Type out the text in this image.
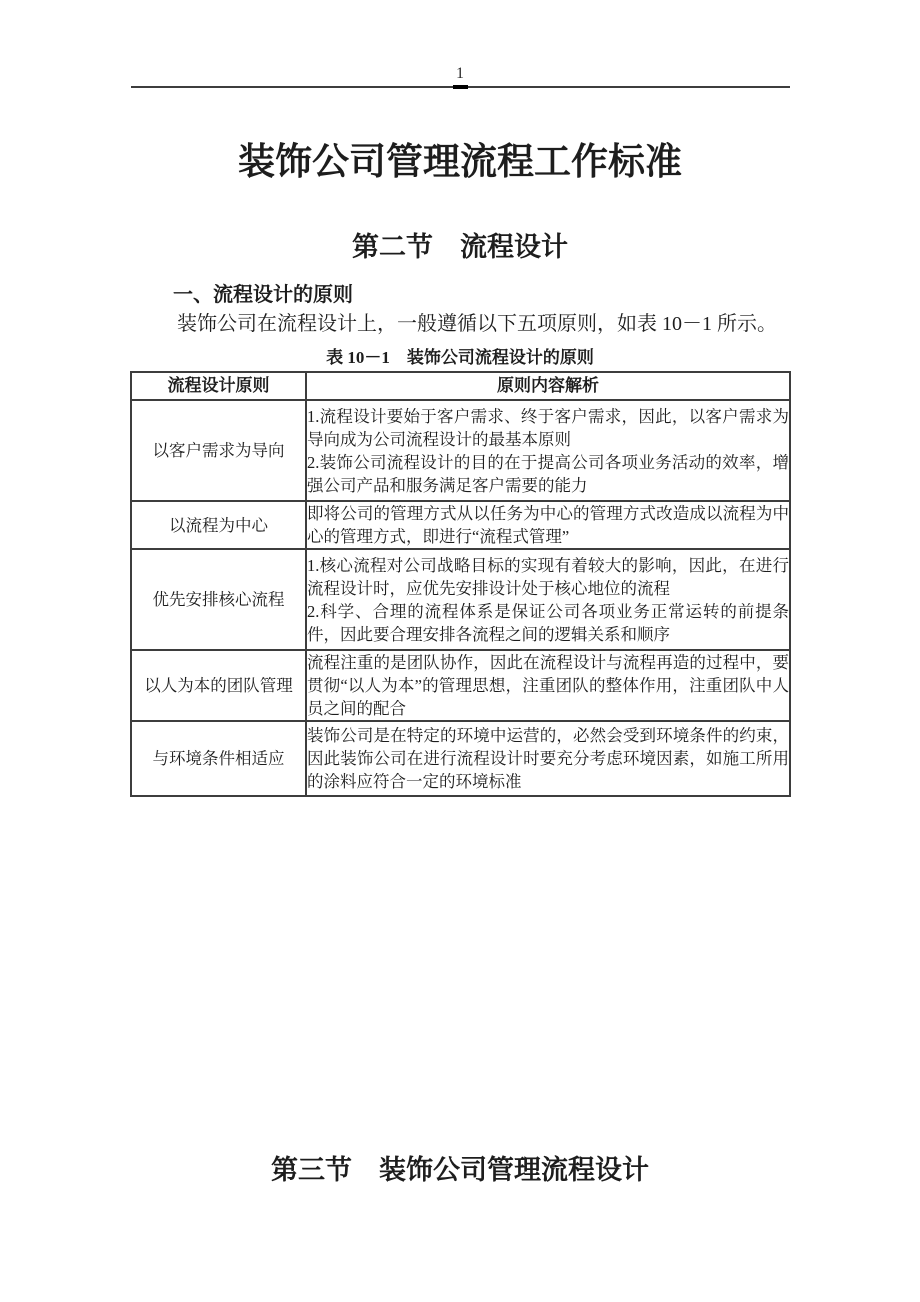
1
装饰公司管理流程工作标准
第二节　流程设计
一、流程设计的原则

装饰公司在流程设计上，一般遵循以下五项原则，如表 10－1 所示。

表 10－1　装饰公司流程设计的原则
流程设计原则	原则内容解析
以客户需求为导向	1.流程设计要始于客户需求、终于客户需求，因此，以客户需求为导向成为公司流程设计的最基本原则
2.装饰公司流程设计的目的在于提高公司各项业务活动的效率，增强公司产品和服务满足客户需要的能力

以流程为中心	即将公司的管理方式从以任务为中心的管理方式改造成以流程为中心的管理方式，即进行“流程式管理”

优先安排核心流程	1.核心流程对公司战略目标的实现有着较大的影响，因此，在进行流程设计时，应优先安排设计处于核心地位的流程
2.科学、合理的流程体系是保证公司各项业务正常运转的前提条件，因此要合理安排各流程之间的逻辑关系和顺序

以人为本的团队管理	流程注重的是团队协作，因此在流程设计与流程再造的过程中，要贯彻“以人为本”的管理思想，注重团队的整体作用，注重团队中人员之间的配合

与环境条件相适应	装饰公司是在特定的环境中运营的，必然会受到环境条件的约束，因此装饰公司在进行流程设计时要充分考虑环境因素，如施工所用的涂料应符合一定的环境标准
第三节　装饰公司管理流程设计
